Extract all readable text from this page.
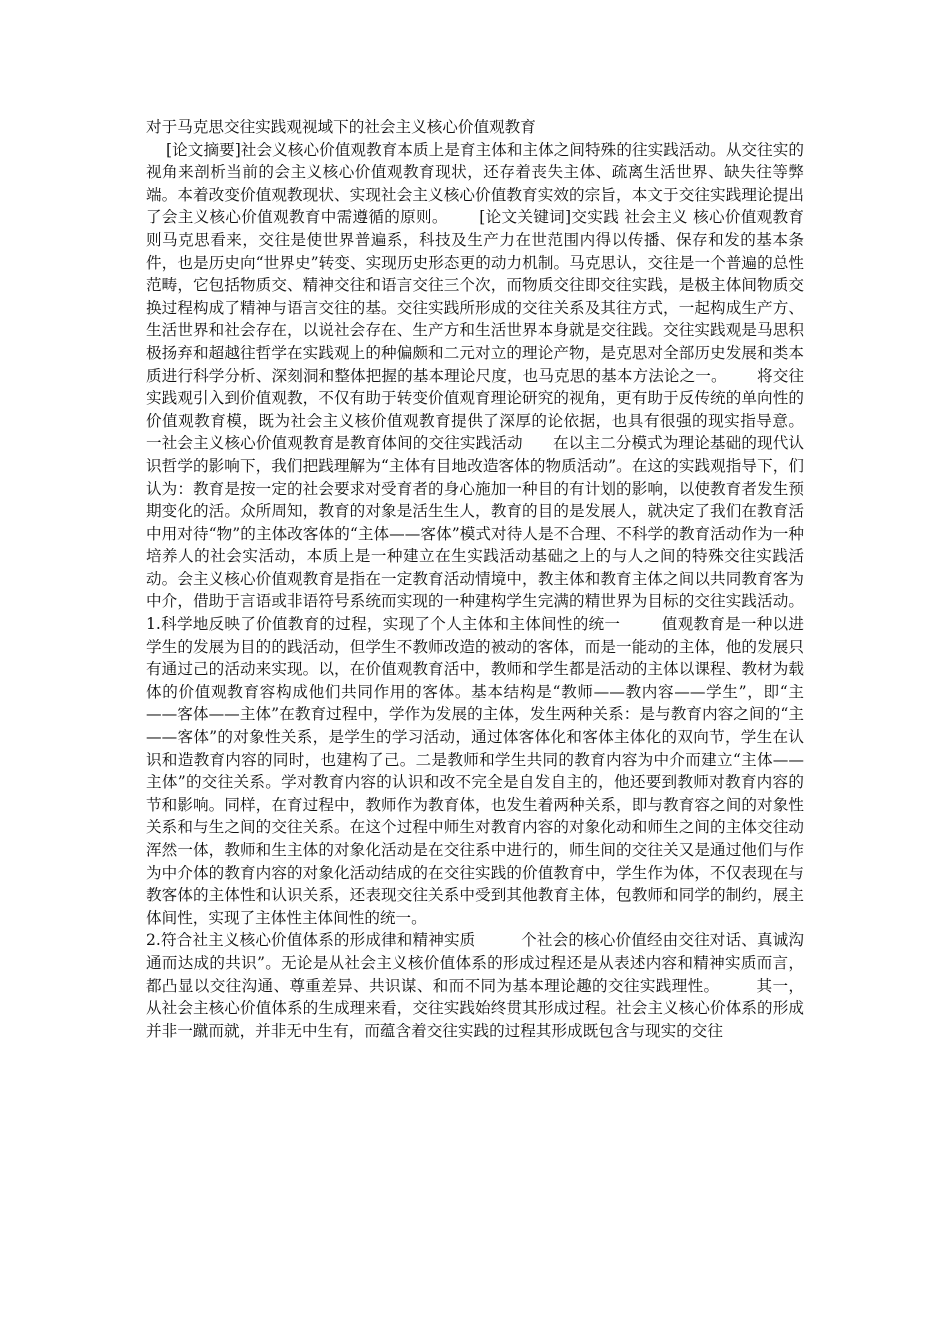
对于马克思交往实践观视域下的社会主义核心价值观教育

[论文摘要]社会义核心价值观教育本质上是育主体和主体之间特殊的往实践活动。从交往实的视角来剖析当前的会主义核心价值观教育现状，还存着丧失主体、疏离生活世界、缺失往等弊端。本着改变价值观教现状、实现社会主义核心价值教育实效的宗旨，本文于交往实践理论提出了会主义核心价值观教育中需遵循的原则。      [论文关键词]交实践 社会主义 核心价值观教育   则马克思看来，交往是使世界普遍系，科技及生产力在世范围内得以传播、保存和发的基本条件，也是历史向“世界史”转变、实现历史形态更的动力机制。马克思认，交往是一个普遍的总性范畴，它包括物质交、精神交往和语言交往三个次，而物质交往即交往实践，是极主体间物质交换过程构成了精神与语言交往的基。交往实践所形成的交往关系及其往方式，一起构成生产方、生活世界和社会存在，以说社会存在、生产方和生活世界本身就是交往践。交往实践观是马思积极扬弃和超越往哲学在实践观上的种偏颇和二元对立的理论产物，是克思对全部历史发展和类本质进行科学分析、深刻洞和整体把握的基本理论尺度，也马克思的基本方法论之一。      将交往实践观引入到价值观教，不仅有助于转变价值观育理论研究的视角，更有助于反传统的单向性的价值观教育模，既为社会主义核价值观教育提供了深厚的论依据，也具有很强的现实指导意。           一社会主义核心价值观教育是教育体间的交往实践活动      在以主二分模式为理论基础的现代认识哲学的影响下，我们把践理解为“主体有目地改造客体的物质活动”。在这的实践观指导下，们认为：教育是按一定的社会要求对受育者的身心施加一种目的有计划的影响，以使教育者发生预期变化的活。众所周知，教育的对象是活生生人，教育的目的是发展人，就决定了我们在教育活中用对待“物”的主体改客体的“主体——客体”模式对待人是不合理、不科学的教育活动作为一种培养人的社会实活动，本质上是一种建立在生实践活动基础之上的与人之间的特殊交往实践活动。会主义核心价值观教育是指在一定教育活动情境中，教主体和教育主体之间以共同教育客为中介，借助于言语或非语符号系统而实现的一种建构学生完满的精世界为目标的交往实践活动。          1.科学地反映了价值教育的过程，实现了个人主体和主体间性的统一        值观教育是一种以进学生的发展为目的的践活动，但学生不教师改造的被动的客体，而是一能动的主体，他的发展只有通过己的活动来实现。以，在价值观教育活中，教师和学生都是活动的主体以课程、教材为载体的价值观教育容构成他们共同作用的客体。基本结构是“教师——教内容——学生”，即“主——客体——主体”在教育过程中，学作为发展的主体，发生两种关系：是与教育内容之间的“主——客体”的对象性关系，是学生的学习活动，通过体客体化和客体主体化的双向节，学生在认识和造教育内容的同时，也建构了己。二是教师和学生共同的教育内容为中介而建立“主体——主体”的交往关系。学对教育内容的认识和改不完全是自发自主的，他还要到教师对教育内容的节和影响。同样，在育过程中，教师作为教育体，也发生着两种关系，即与教育容之间的对象性关系和与生之间的交往关系。在这个过程中师生对教育内容的对象化动和师生之间的主体交往动浑然一体，教师和生主体的对象化活动是在交往系中进行的，师生间的交往关又是通过他们与作为中介体的教育内容的对象化活动结成的在交往实践的价值教育中，学生作为体，不仅表现在与教客体的主体性和认识关系，还表现交往关系中受到其他教育主体，包教师和同学的制约，展主体间性，实现了主体性主体间性的统一。
2.符合社主义核心价值体系的形成律和精神实质         个社会的核心价值经由交往对话、真诚沟通而达成的共识”。无论是从社会主义核价值体系的形成过程还是从表述内容和精神实质而言，都凸显以交往沟通、尊重差异、共识谋、和而不同为基本理论趣的交往实践理性。       其一，从社会主核心价值体系的生成理来看，交往实践始终贯其形成过程。社会主义核心价体系的形成并非一蹴而就，并非无中生有，而蕴含着交往实践的过程其形成既包含与现实的交往
